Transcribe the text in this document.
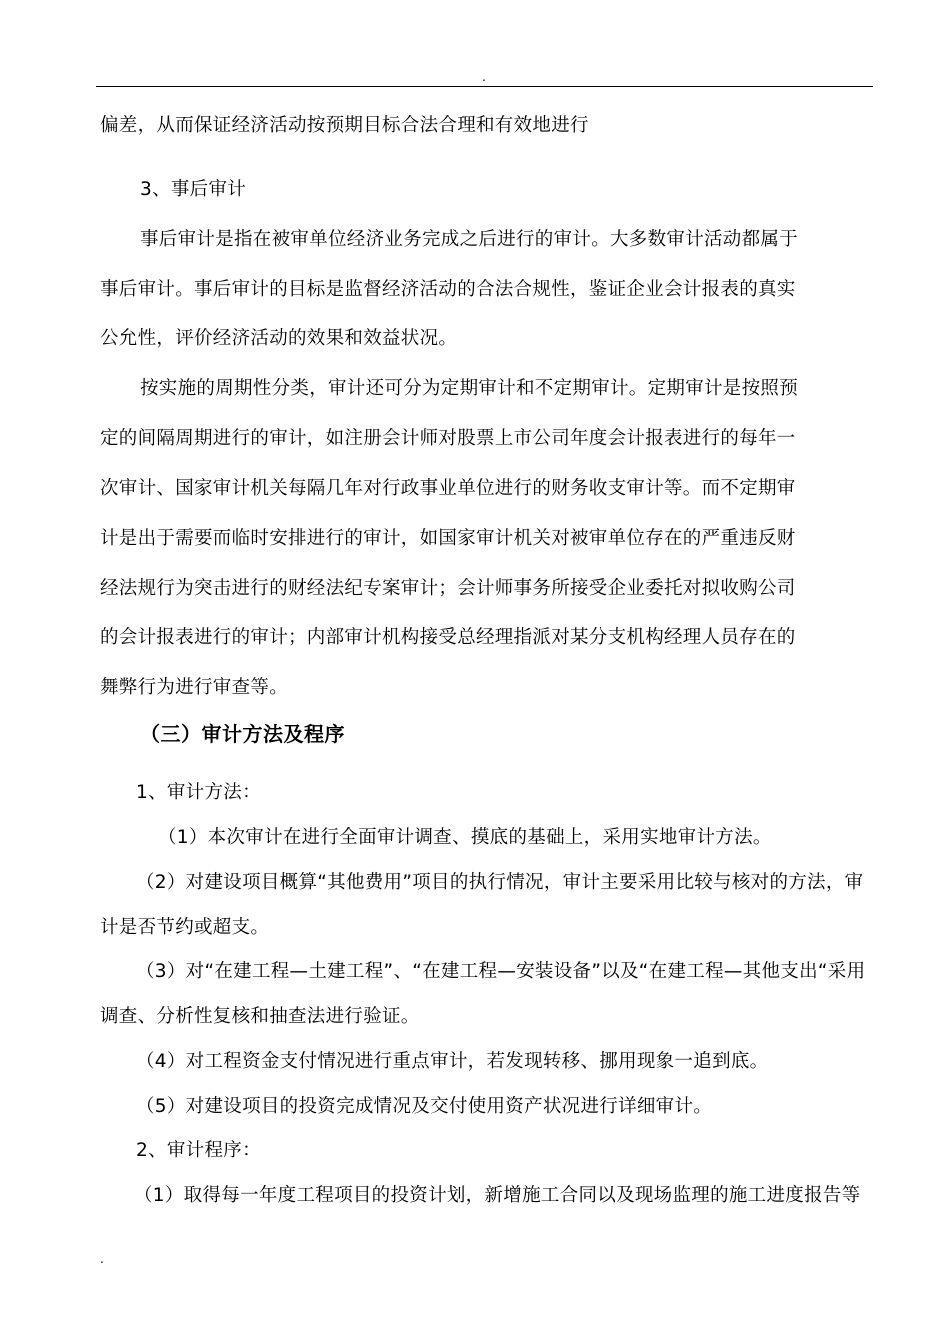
.
偏差，从而保证经济活动按预期目标合法合理和有效地进行
3、事后审计
事后审计是指在被审单位经济业务完成之后进行的审计。大多数审计活动都属于
事后审计。事后审计的目标是监督经济活动的合法合规性，鉴证企业会计报表的真实
公允性，评价经济活动的效果和效益状况。
按实施的周期性分类，审计还可分为定期审计和不定期审计。定期审计是按照预
定的间隔周期进行的审计，如注册会计师对股票上市公司年度会计报表进行的每年一
次审计、国家审计机关每隔几年对行政事业单位进行的财务收支审计等。而不定期审
计是出于需要而临时安排进行的审计，如国家审计机关对被审单位存在的严重违反财
经法规行为突击进行的财经法纪专案审计；会计师事务所接受企业委托对拟收购公司
的会计报表进行的审计；内部审计机构接受总经理指派对某分支机构经理人员存在的
舞弊行为进行审查等。
（三）审计方法及程序
1、审计方法：
（1）本次审计在进行全面审计调查、摸底的基础上，采用实地审计方法。
（2）对建设项目概算“其他费用”项目的执行情况，审计主要采用比较与核对的方法，审
计是否节约或超支。
（3）对“在建工程—土建工程”、“在建工程—安装设备”以及“在建工程—其他支出“采用
调查、分析性复核和抽查法进行验证。
（4）对工程资金支付情况进行重点审计，若发现转移、挪用现象一追到底。
（5）对建设项目的投资完成情况及交付使用资产状况进行详细审计。
2、审计程序：
（1）取得每一年度工程项目的投资计划，新增施工合同以及现场监理的施工进度报告等
.
